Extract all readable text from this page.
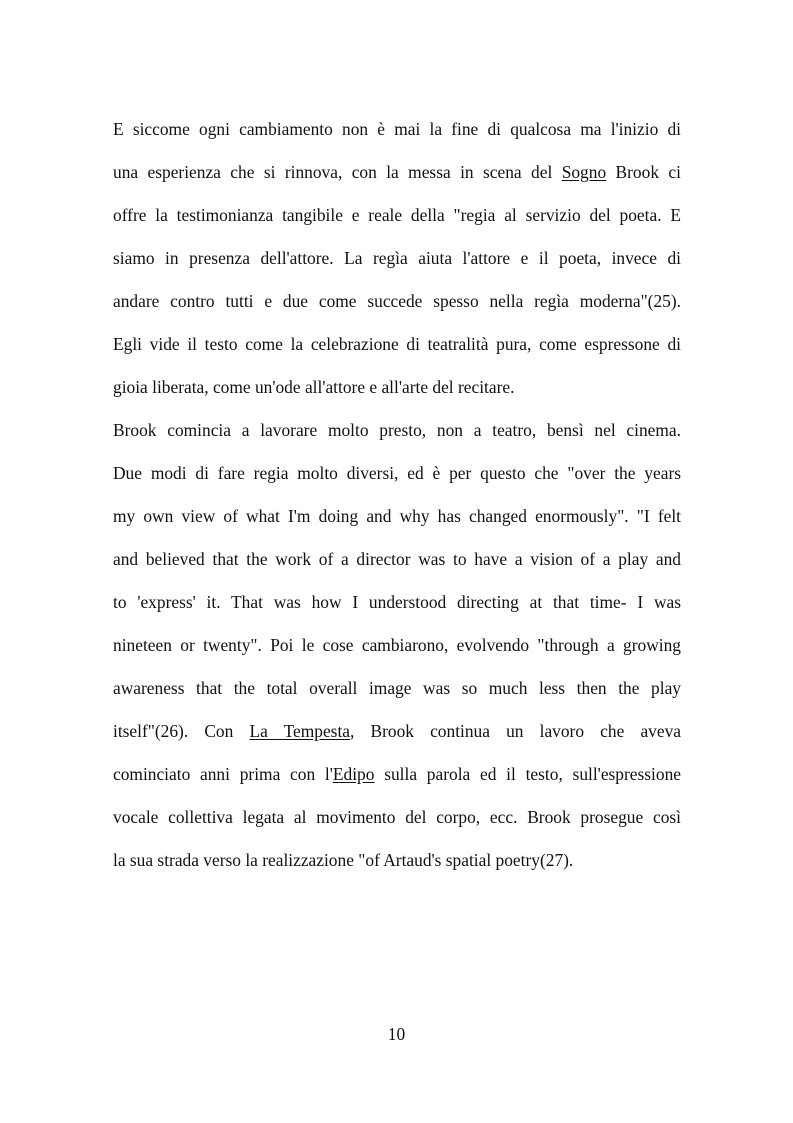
E siccome ogni cambiamento non è mai la fine di qualcosa ma l'inizio di
una esperienza che si rinnova, con la messa in scena del Sogno Brook ci
offre la testimonianza tangibile e reale della "regia al servizio del poeta. E
siamo in presenza dell'attore. La regìa aiuta l'attore e il poeta, invece di
andare contro tutti e due come succede spesso nella regìa moderna"(25).
Egli vide il testo come la celebrazione di teatralità pura, come espressone di
gioia liberata, come un'ode all'attore e all'arte del recitare.
Brook comincia a lavorare molto presto, non a teatro, bensì nel cinema.
Due modi di fare regia molto diversi, ed è per questo che "over the years
my own view of what I'm doing and why has changed enormously". "I felt
and believed that the work of a director was to have a vision of a play and
to 'express' it. That was how I understood directing at that time- I was
nineteen or twenty". Poi le cose cambiarono, evolvendo "through a growing
awareness that the total overall image was so much less then the play
itself"(26). Con La Tempesta, Brook continua un lavoro che aveva
cominciato anni prima con l'Edipo sulla parola ed il testo, sull'espressione
vocale collettiva legata al movimento del corpo, ecc. Brook prosegue così
la sua strada verso la realizzazione "of Artaud's spatial poetry(27).
10
